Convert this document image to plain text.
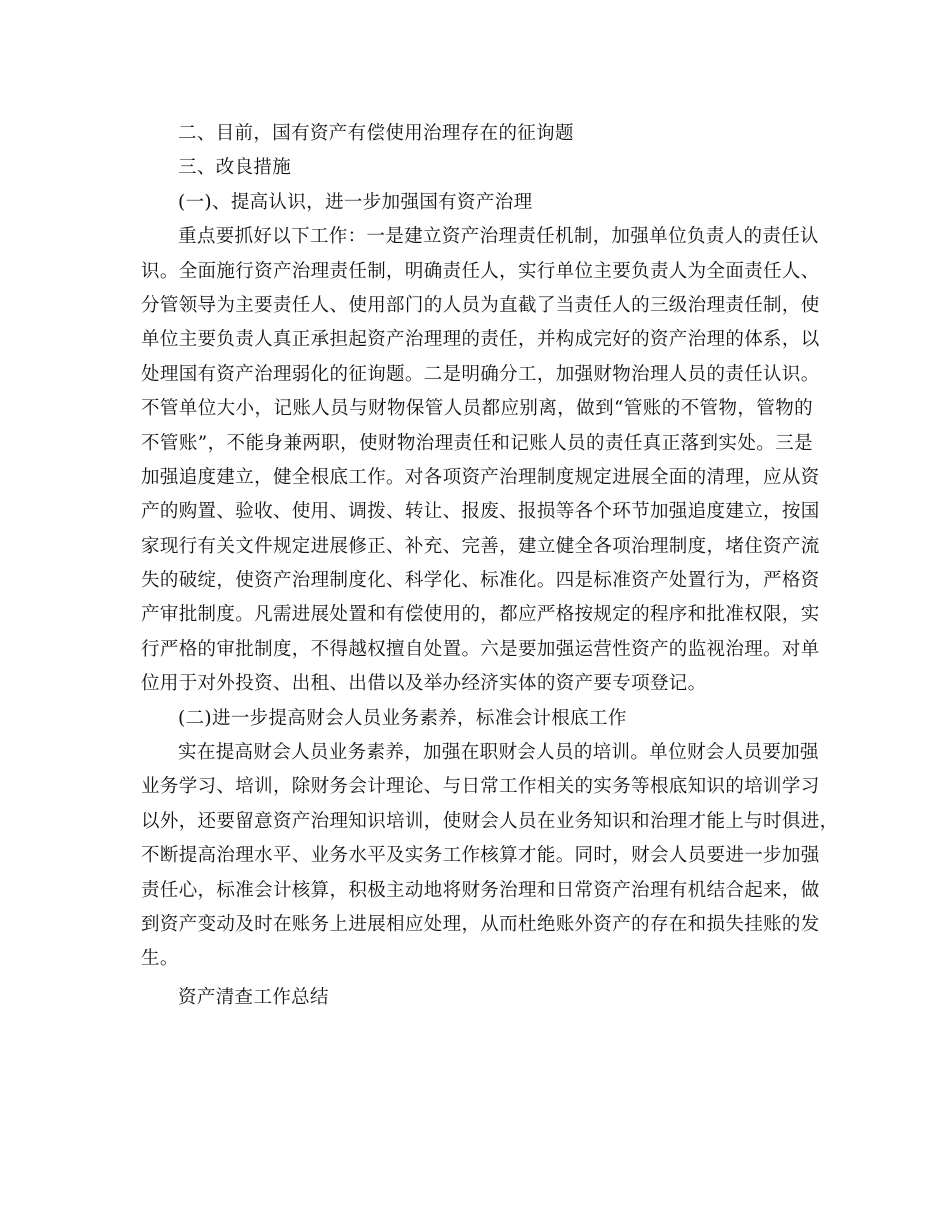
二、目前，国有资产有偿使用治理存在的征询题
三、改良措施
(一)、提高认识，进一步加强国有资产治理
重点要抓好以下工作：一是建立资产治理责任机制，加强单位负责人的责任认
识。全面施行资产治理责任制，明确责任人，实行单位主要负责人为全面责任人、
分管领导为主要责任人、使用部门的人员为直截了当责任人的三级治理责任制，使
单位主要负责人真正承担起资产治理理的责任，并构成完好的资产治理的体系，以
处理国有资产治理弱化的征询题。二是明确分工，加强财物治理人员的责任认识。
不管单位大小，记账人员与财物保管人员都应别离，做到“管账的不管物，管物的
不管账”，不能身兼两职，使财物治理责任和记账人员的责任真正落到实处。三是
加强追度建立，健全根底工作。对各项资产治理制度规定进展全面的清理，应从资
产的购置、验收、使用、调拨、转让、报废、报损等各个环节加强追度建立，按国
家现行有关文件规定进展修正、补充、完善，建立健全各项治理制度，堵住资产流
失的破绽，使资产治理制度化、科学化、标准化。四是标准资产处置行为，严格资
产审批制度。凡需进展处置和有偿使用的，都应严格按规定的程序和批准权限，实
行严格的审批制度，不得越权擅自处置。六是要加强运营性资产的监视治理。对单
位用于对外投资、出租、出借以及举办经济实体的资产要专项登记。
(二)进一步提高财会人员业务素养，标准会计根底工作
实在提高财会人员业务素养，加强在职财会人员的培训。单位财会人员要加强
业务学习、培训，除财务会计理论、与日常工作相关的实务等根底知识的培训学习
以外，还要留意资产治理知识培训，使财会人员在业务知识和治理才能上与时俱进，
不断提高治理水平、业务水平及实务工作核算才能。同时，财会人员要进一步加强
责任心，标准会计核算，积极主动地将财务治理和日常资产治理有机结合起来，做
到资产变动及时在账务上进展相应处理，从而杜绝账外资产的存在和损失挂账的发
生。
资产清查工作总结
